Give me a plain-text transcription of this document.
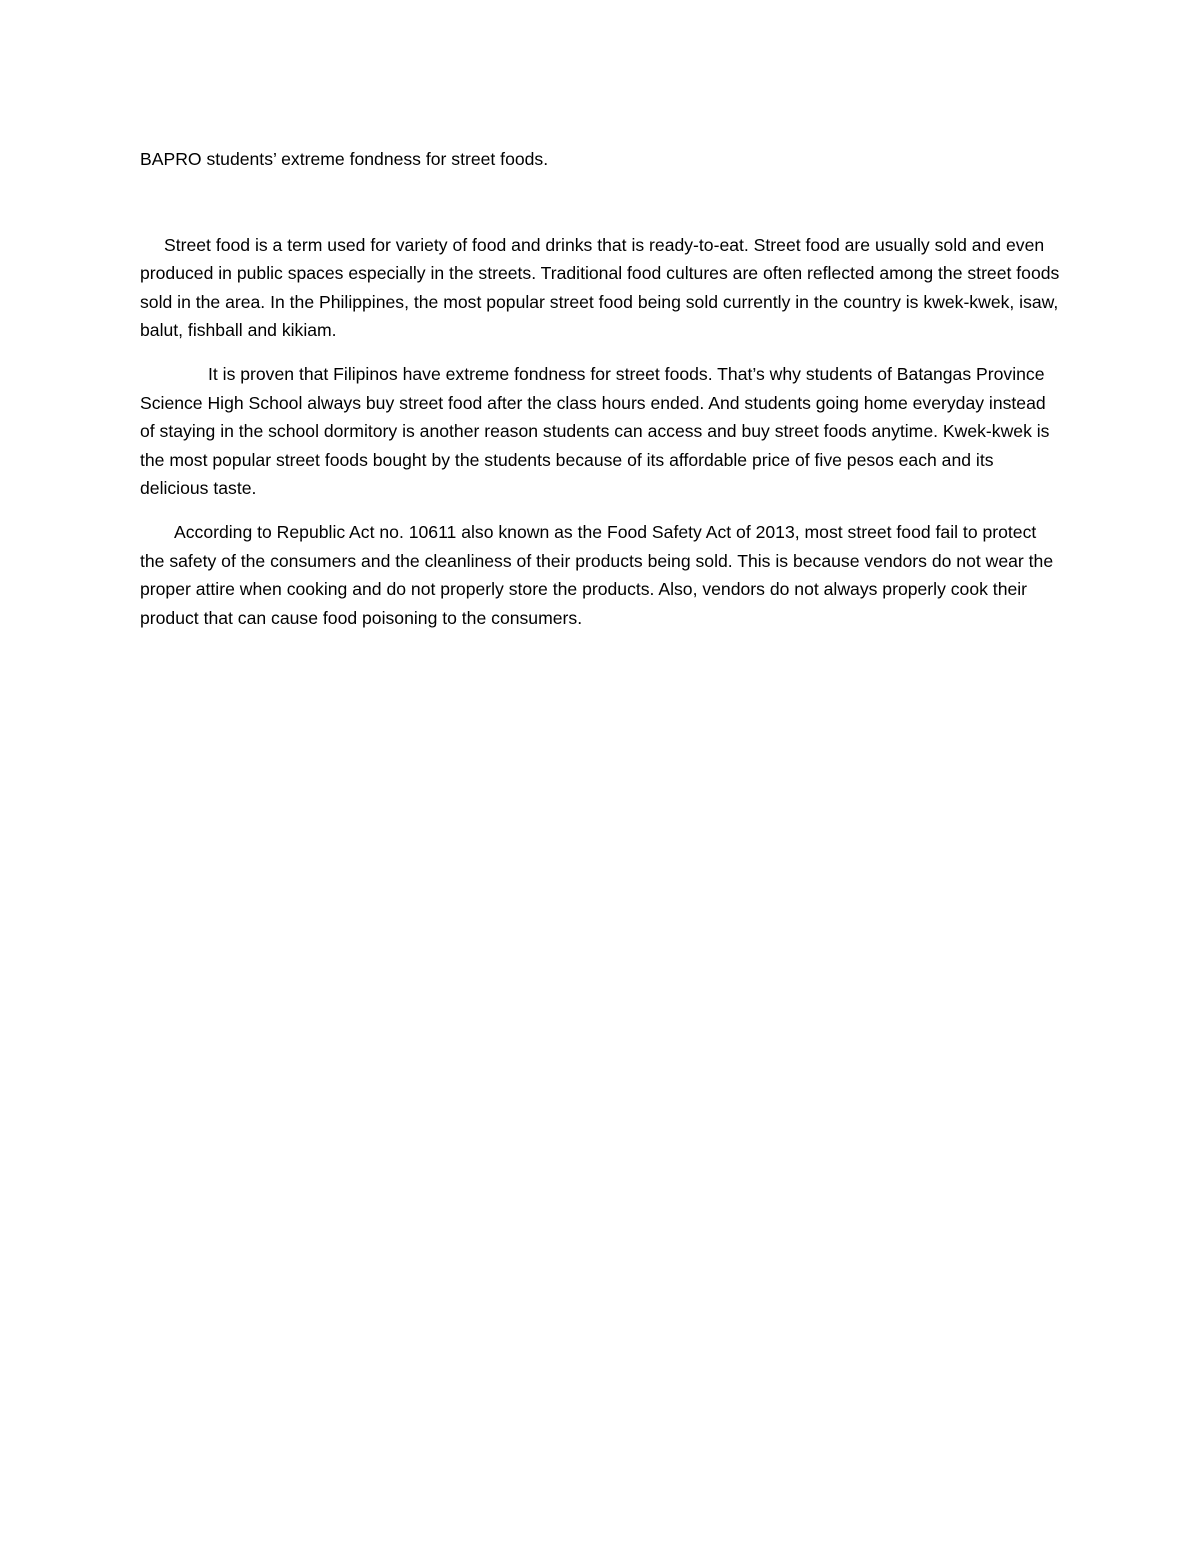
BAPRO students’ extreme fondness for street foods.

Street food is a term used for variety of food and drinks that is ready-to-eat. Street food are usually sold and even produced in public spaces especially in the streets. Traditional food cultures are often reflected among the street foods sold in the area. In the Philippines, the most popular street food being sold currently in the country is kwek-kwek, isaw, balut, fishball and kikiam.

It is proven that Filipinos have extreme fondness for street foods. That’s why students of Batangas Province Science High School always buy street food after the class hours ended. And students going home everyday instead of staying in the school dormitory is another reason students can access and buy street foods anytime. Kwek-kwek is the most popular street foods bought by the students because of its affordable price of five pesos each and its delicious taste.

According to Republic Act no. 10611 also known as the Food Safety Act of 2013, most street food fail to protect the safety of the consumers and the cleanliness of their products being sold. This is because vendors do not wear the proper attire when cooking and do not properly store the products. Also, vendors do not always properly cook their product that can cause food poisoning to the consumers.
